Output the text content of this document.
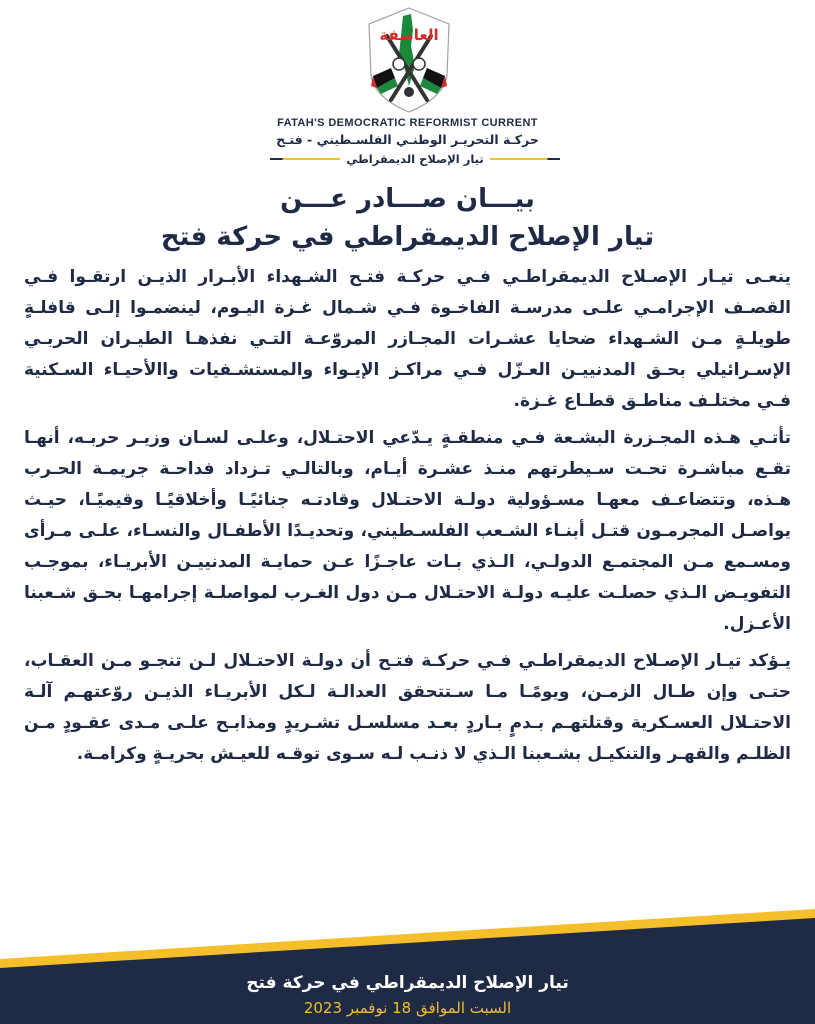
العاصفة
FATAH'S DEMOCRATIC REFORMIST CURRENT
حركـة التحريـر الوطنـي الفلسـطيني - فتـح
تيار الإصلاح الديمقراطي
بيـــان صـــادر عـــن
تيار الإصلاح الديمقراطي في حركة فتح

ينعـى تيـار الإصـلاح الديمقراطـي فـي حركـة فتـح الشـهداء الأبـرار الذيـن ارتقـوا فـي القصـف الإجرامـي علـى مدرسـة الفاخـوة فـي شـمال غـزة اليـوم، لينضمـوا إلـى قافلـةٍ طويلـةٍ مـن الشـهداء ضحايا عشـرات المجـازر المروّعـة التـي نفذهـا الطيـران الحربـي الإسـرائيلي بحـق المدنييـن العـزّل فـي مراكـز الإيـواء والمستشـفيات واالأحيـاء السـكنية فـي مختلـف مناطـق قطـاع غـزة.

تأتـي هـذه المجـزرة البشـعة فـي منطقـةٍ يـدّعي الاحتـلال، وعلـى لسـان وزيـر حربـه، أنهـا تقـع مباشـرة تحـت سـيطرتهم منـذ عشـرة أيـام، وبالتالـي تـزداد فداحـة جريمـة الحـرب هـذه، وتتضاعـف معهـا مسـؤولية دولـة الاحتـلال وقادتـه جنائيًـا وأخلاقيًـا وقيميًـا، حيـث يواصـل المجرمـون قتـل أبنـاء الشـعب الفلسـطيني، وتحديـدًا الأطفـال والنسـاء، علـى مـرأى ومسـمع مـن المجتمـع الدولـي، الـذي بـات عاجـزًا عـن حمايـة المدنييـن الأبريـاء، بموجـب التفويـض الـذي حصلـت عليـه دولـة الاحتـلال مـن دول الغـرب لمواصلـة إجرامهـا بحـق شـعبنا الأعـزل.

يـؤكد تيـار الإصـلاح الديمقراطـي فـي حركـة فتـح أن دولـة الاحتـلال لـن تنجـو مـن العقـاب، حتـى وإن طـال الزمـن، ويومًـا مـا سـتتحقق العدالـة لـكل الأبريـاء الذيـن روّعتهـم آلـة الاحتـلال العسـكرية وقتلتهـم بـدمٍ بـاردٍ بعـد مسلسـل تشـريدٍ ومذابـح علـى مـدى عقـودٍ مـن الظلـم والقهـر والتنكيـل بشـعبنا الـذي لا ذنـب لـه سـوى توقـه للعيـش بحريـةٍ وكرامـة.

تيار الإصلاح الديمقراطي في حركة فتح
السبت الموافق 18 نوفمبر 2023
